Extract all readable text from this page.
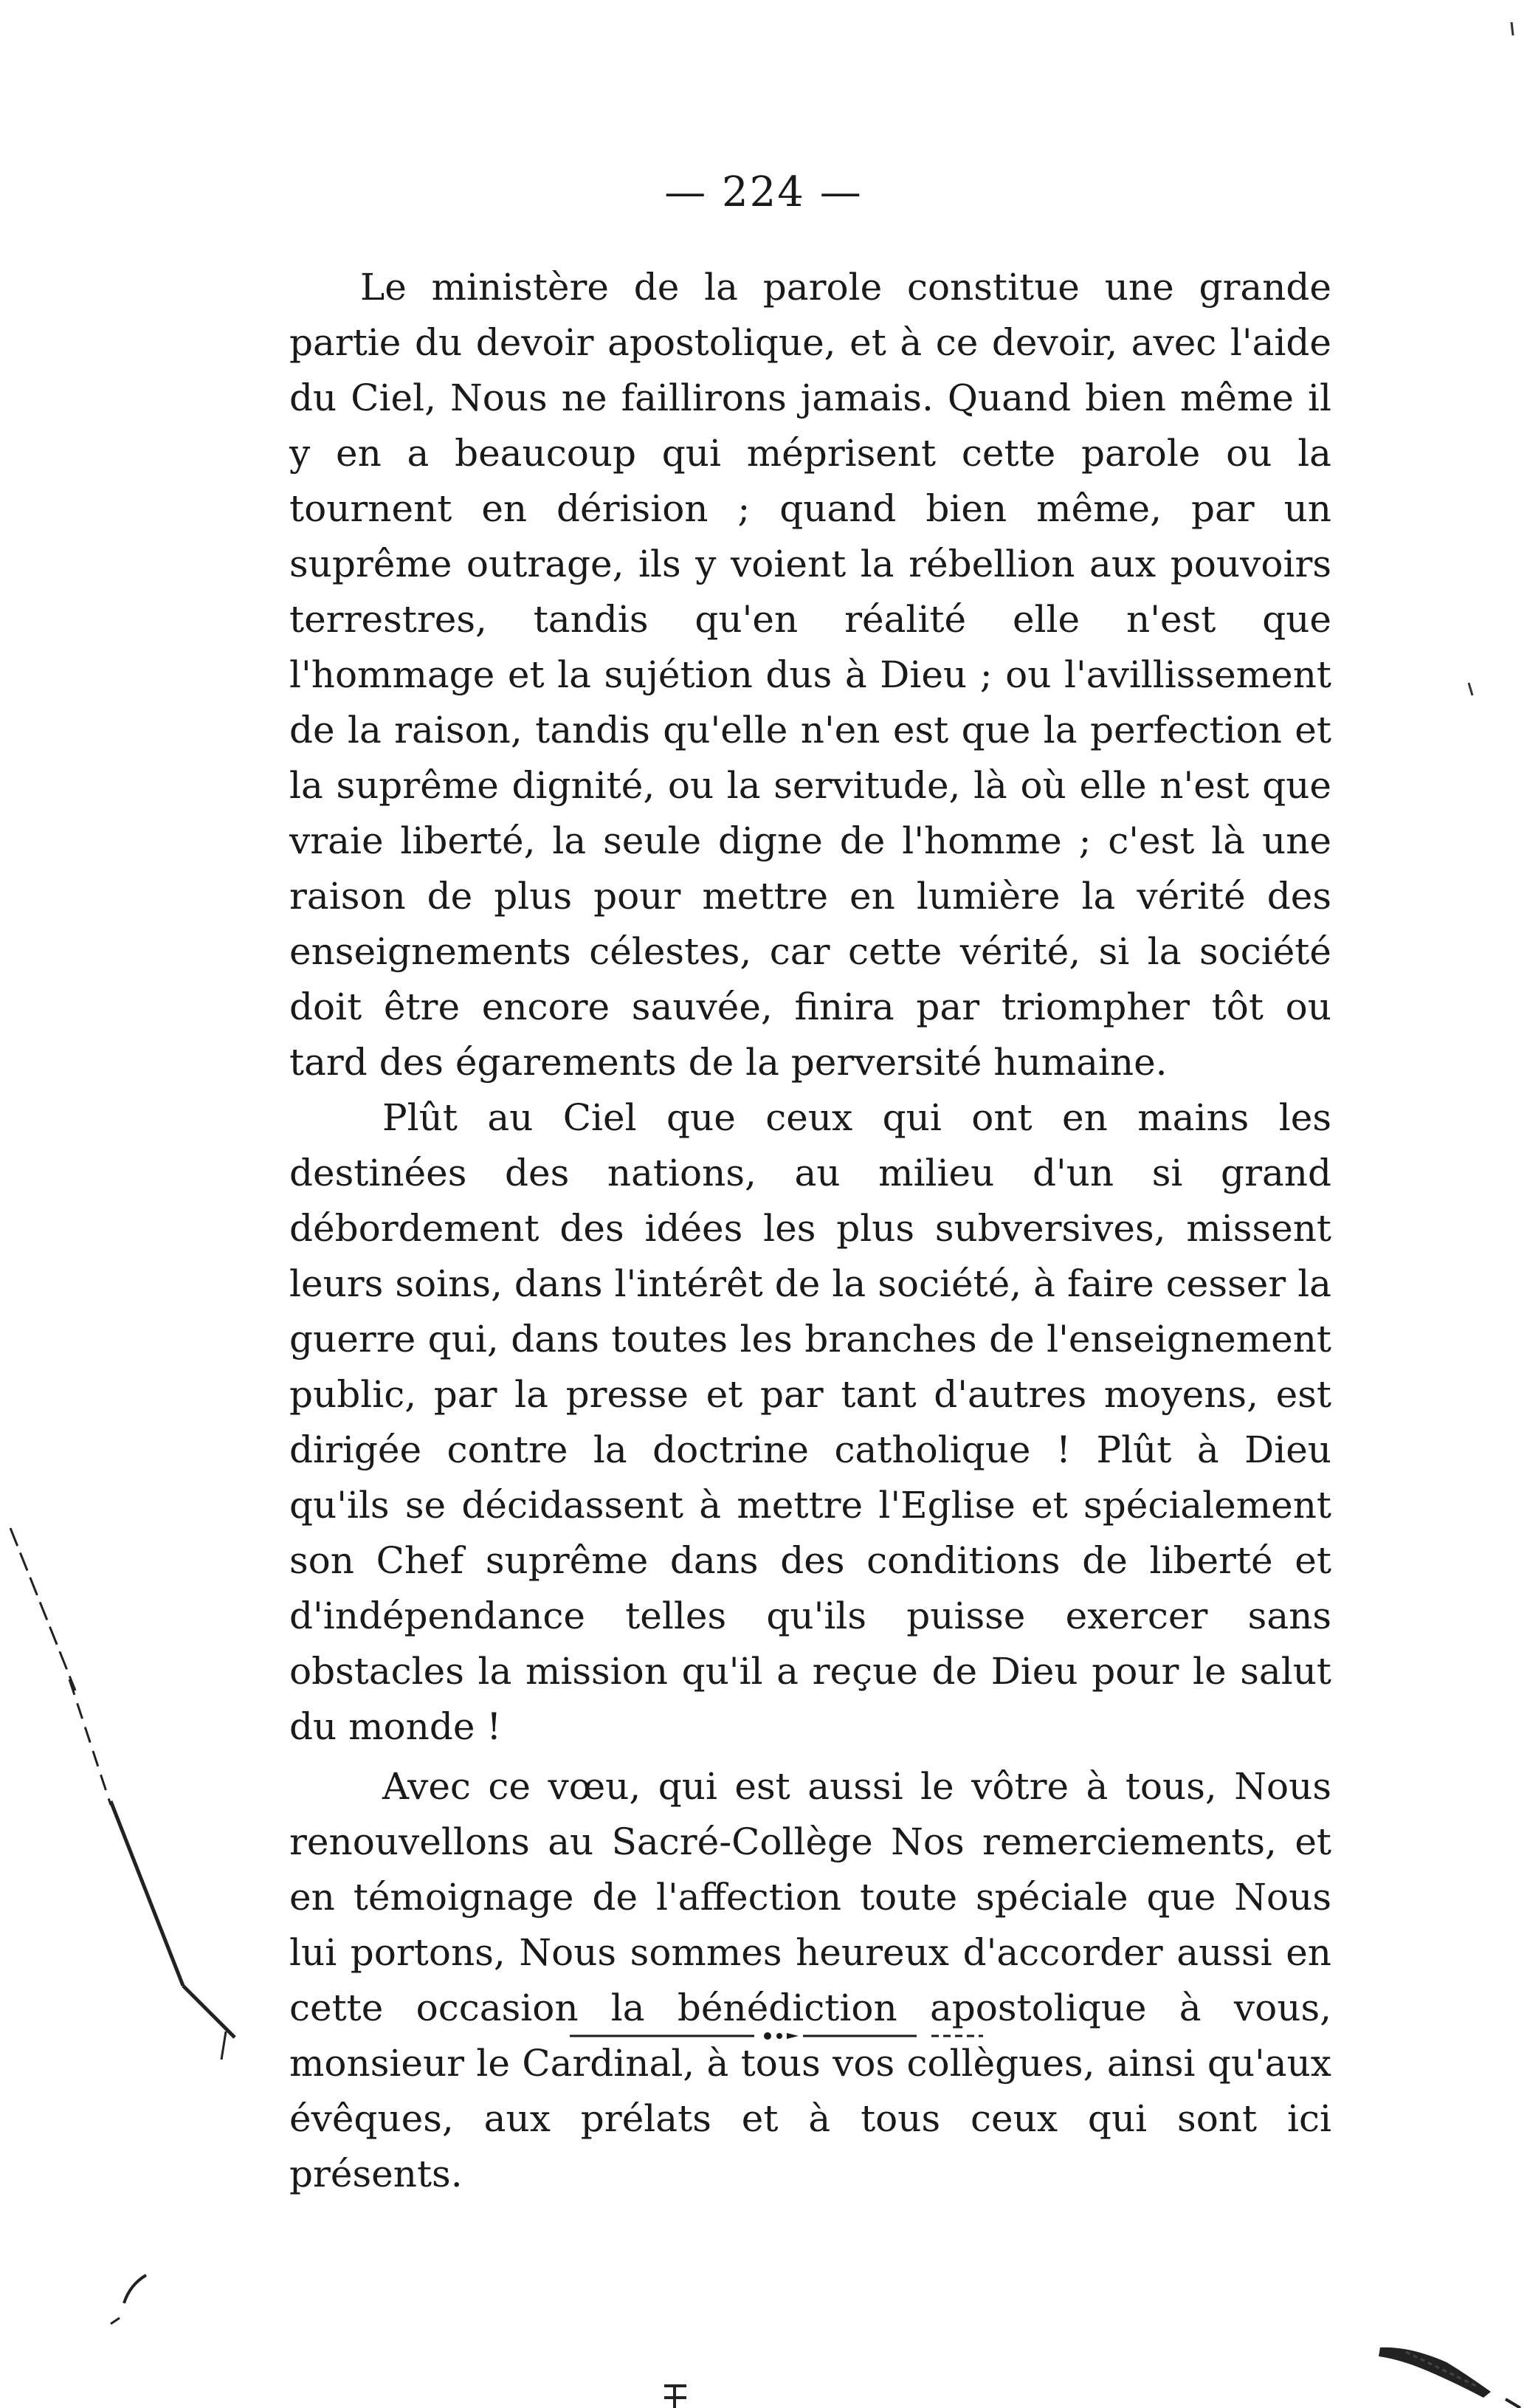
— 224 —

Le ministère de la parole constitue une grande partie du devoir apostolique, et à ce devoir, avec l'aide du Ciel, Nous ne faillirons jamais. Quand bien même il y en a beaucoup qui méprisent cette parole ou la tournent en dérision ; quand bien même, par un suprême outrage, ils y voient la rébellion aux pouvoirs terrestres, tandis qu'en réalité elle n'est que l'hommage et la sujétion dus à Dieu ; ou l'avillissement de la raison, tandis qu'elle n'en est que la perfection et la suprême dignité, ou la servitude, là où elle n'est que vraie liberté, la seule digne de l'homme ; c'est là une raison de plus pour mettre en lumière la vérité des enseignements célestes, car cette vérité, si la société doit être encore sauvée, finira par triompher tôt ou tard des égarements de la perversité humaine.

Plût au Ciel que ceux qui ont en mains les destinées des nations, au milieu d'un si grand débordement des idées les plus subversives, missent leurs soins, dans l'intérêt de la société, à faire cesser la guerre qui, dans toutes les branches de l'enseignement public, par la presse et par tant d'autres moyens, est dirigée contre la doctrine catholique ! Plût à Dieu qu'ils se décidassent à mettre l'Eglise et spécialement son Chef suprême dans des conditions de liberté et d'indépendance telles qu'ils puisse exercer sans obstacles la mission qu'il a reçue de Dieu pour le salut du monde !

Avec ce vœu, qui est aussi le vôtre à tous, Nous renouvellons au Sacré-Collège Nos remerciements, et en témoignage de l'affection toute spéciale que Nous lui portons, Nous sommes heureux d'accorder aussi en cette occasion la bénédiction apostolique à vous, monsieur le Cardinal, à tous vos collègues, ainsi qu'aux évêques, aux prélats et à tous ceux qui sont ici présents.
